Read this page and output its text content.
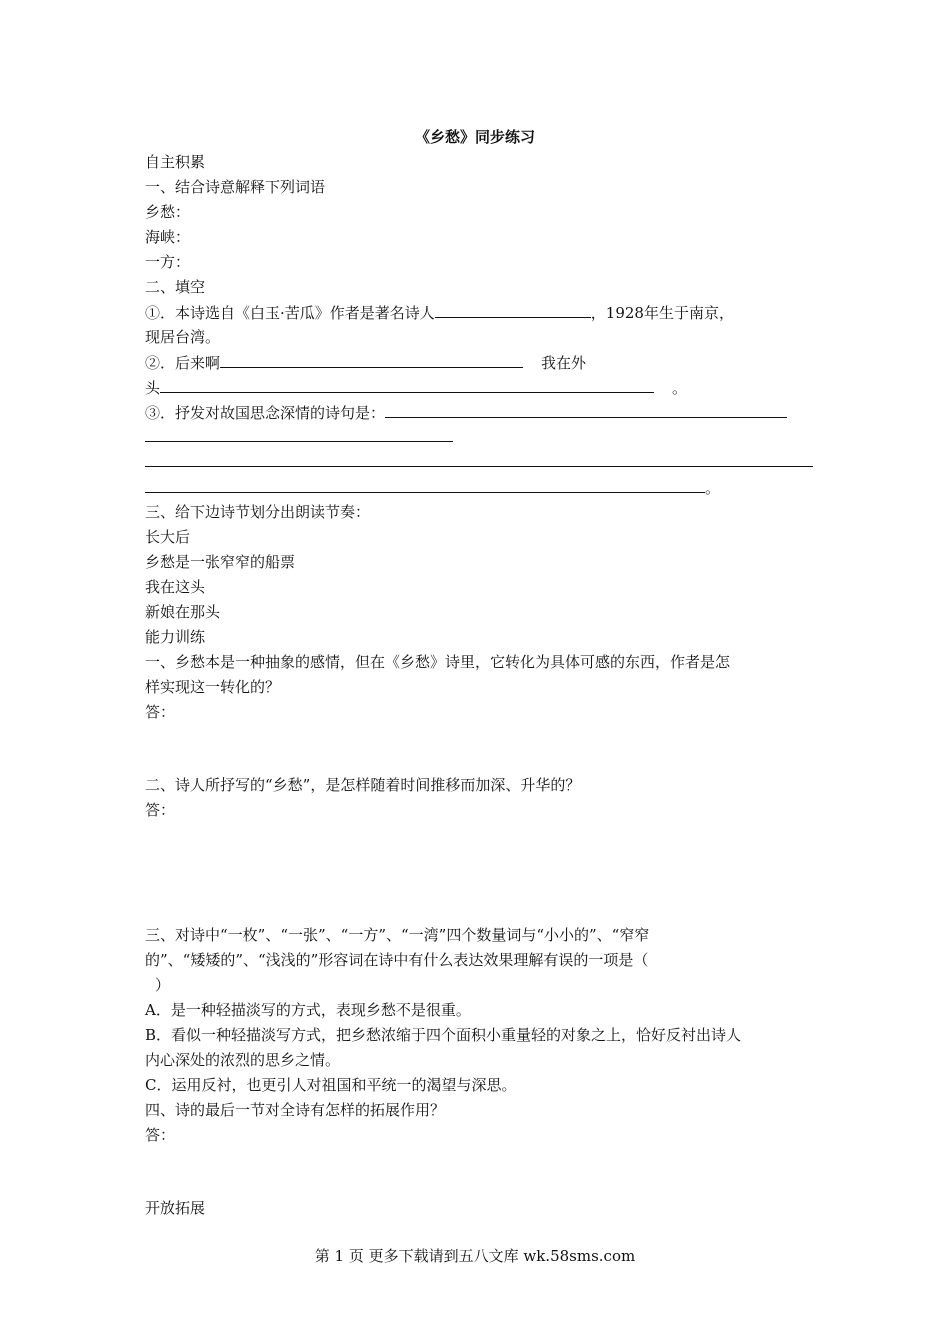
《乡愁》同步练习
自主积累
一、结合诗意解释下列词语
乡愁：
海峡：
一方：
二、填空
①．本诗选自《白玉·苦瓜》作者是著名诗人	，1928年生于南京，
现居台湾。
②．后来啊	我在外
头	。
③．抒发对故国思念深情的诗句是：
。
三、给下边诗节划分出朗读节奏：
长大后
乡愁是一张窄窄的船票
我在这头
新娘在那头
能力训练
一、乡愁本是一种抽象的感情，但在《乡愁》诗里，它转化为具体可感的东西，作者是怎
样实现这一转化的？
答：
二、诗人所抒写的“乡愁”，是怎样随着时间推移而加深、升华的？
答：
三、对诗中“一枚”、“一张”、“一方”、“一湾”四个数量词与“小小的”、“窄窄
的”、“矮矮的”、“浅浅的”形容词在诗中有什么表达效果理解有误的一项是（
）
A．是一种轻描淡写的方式，表现乡愁不是很重。
B．看似一种轻描淡写方式，把乡愁浓缩于四个面积小重量轻的对象之上，恰好反衬出诗人
内心深处的浓烈的思乡之情。
C．运用反衬，也更引人对祖国和平统一的渴望与深思。
四、诗的最后一节对全诗有怎样的拓展作用？
答：
开放拓展
第 1 页 更多下载请到五八文库 wk.58sms.com
